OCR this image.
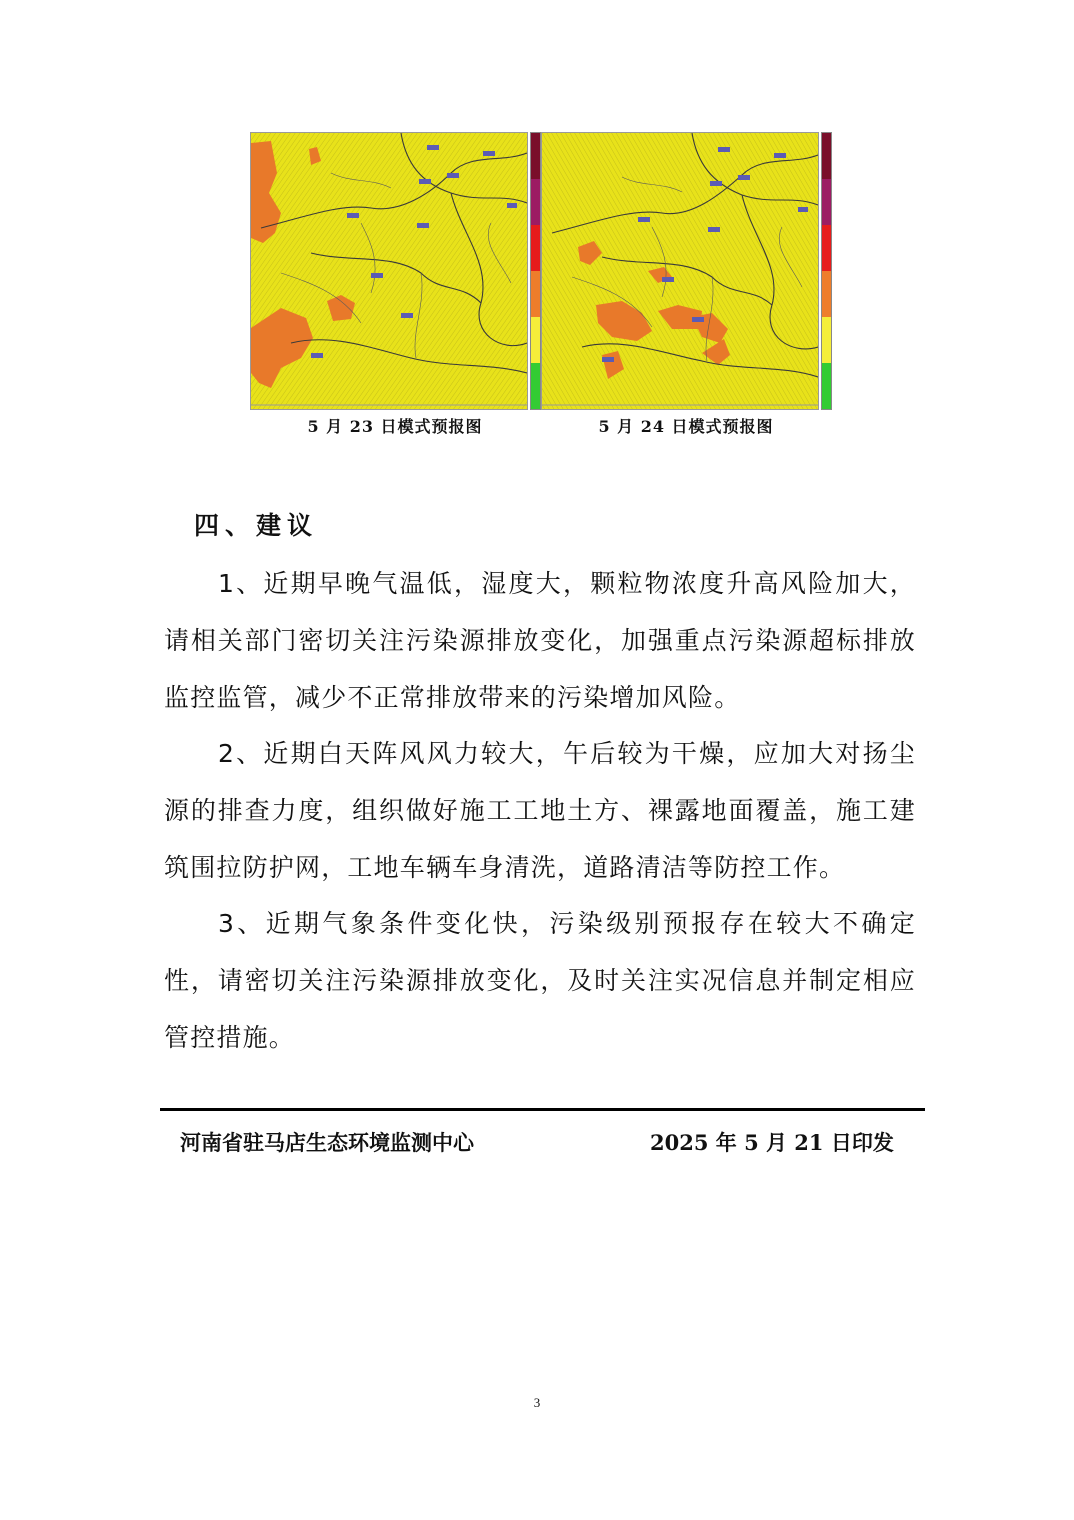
5 月 23 日模式预报图	5 月 24 日模式预报图
四、建议
1、近期早晚气温低，湿度大，颗粒物浓度升高风险加大，请相关部门密切关注污染源排放变化，加强重点污染源超标排放监控监管，减少不正常排放带来的污染增加风险。
2、近期白天阵风风力较大，午后较为干燥，应加大对扬尘源的排查力度，组织做好施工工地土方、裸露地面覆盖，施工建筑围拉防护网，工地车辆车身清洗，道路清洁等防控工作。
3、近期气象条件变化快，污染级别预报存在较大不确定性，请密切关注污染源排放变化，及时关注实况信息并制定相应管控措施。
河南省驻马店生态环境监测中心	2025 年 5 月 21 日印发
3
